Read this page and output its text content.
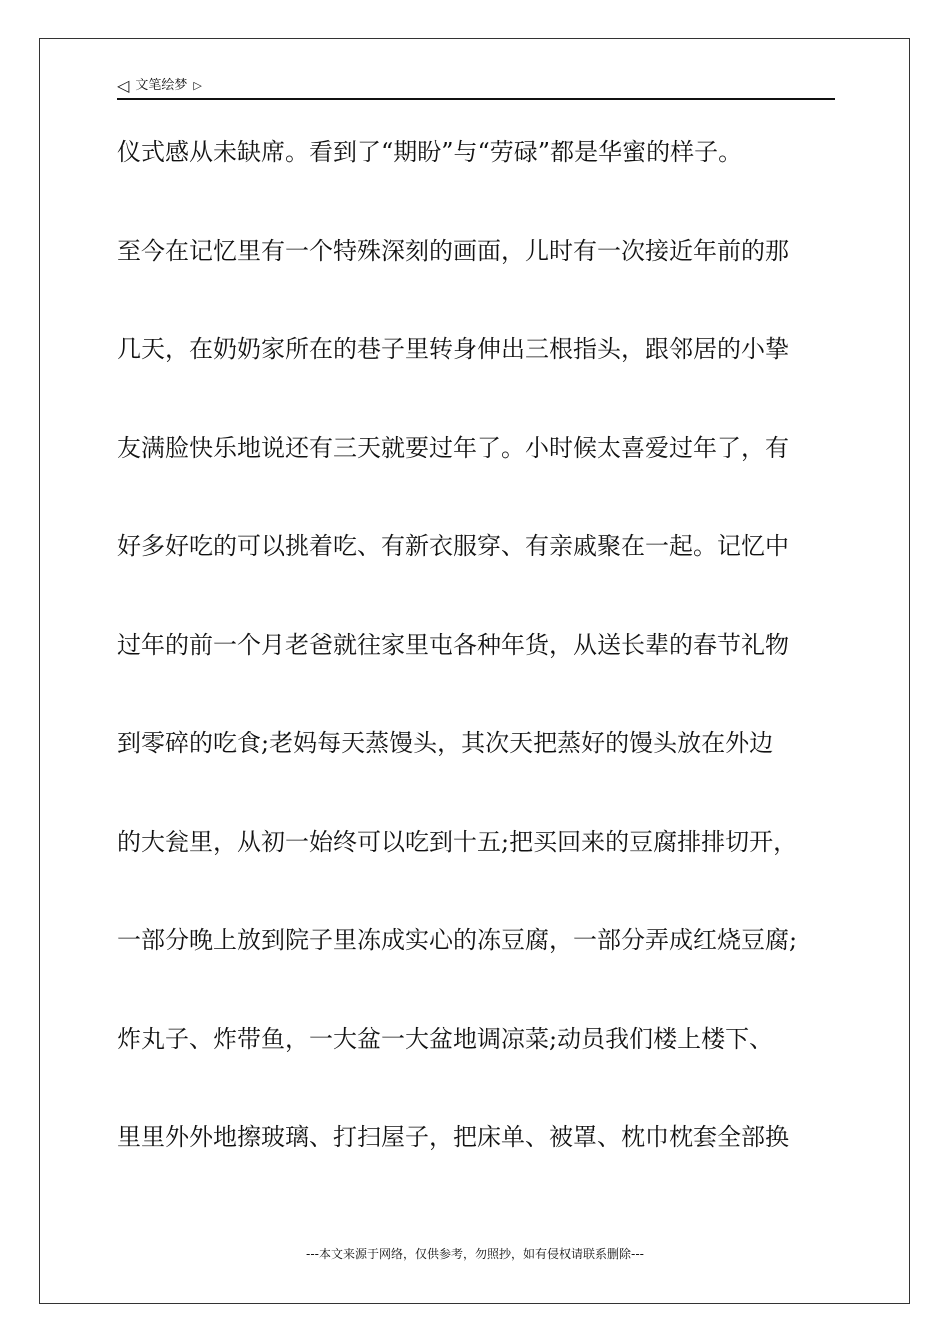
◁ 文笔绘梦 ▷
仪式感从未缺席。看到了“期盼”与“劳碌”都是华蜜的样子。
至今在记忆里有一个特殊深刻的画面，儿时有一次接近年前的那
几天，在奶奶家所在的巷子里转身伸出三根指头，跟邻居的小挚
友满脸快乐地说还有三天就要过年了。小时候太喜爱过年了，有
好多好吃的可以挑着吃、有新衣服穿、有亲戚聚在一起。记忆中
过年的前一个月老爸就往家里屯各种年货，从送长辈的春节礼物
到零碎的吃食;老妈每天蒸馒头，其次天把蒸好的馒头放在外边
的大瓮里，从初一始终可以吃到十五;把买回来的豆腐排排切开，
一部分晚上放到院子里冻成实心的冻豆腐，一部分弄成红烧豆腐;
炸丸子、炸带鱼，一大盆一大盆地调凉菜;动员我们楼上楼下、
里里外外地擦玻璃、打扫屋子，把床单、被罩、枕巾枕套全部换
---本文来源于网络，仅供参考，勿照抄，如有侵权请联系删除---
